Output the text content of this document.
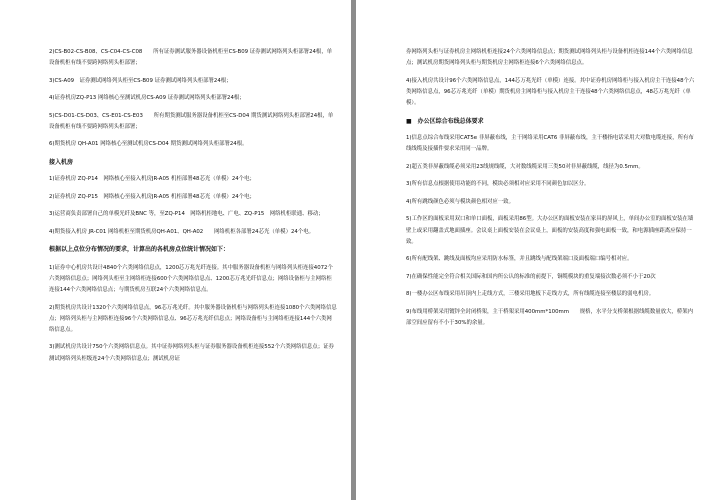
2)CS-B02-CS-B08、CS-C04-CS-C08　　所有证券测试服务器设备机柜至CS-B09 证券测试网络列头柜部署24根，单设备机柜有线不要跨网络列头柜部署；

3)CS-A09　证券测试网络列头柜至CS-B09 证券测试网络列头柜部署24根；

4)证券机房ZQ-P13 网络核心至测试机房CS-A09 证券测试网络列头柜部署24根；

5)CS-D01-CS-D03、CS-E01-CS-E03　　所有期货测试服务器设备机柜至CS-D04 期货测试网络列头柜部署24根，单设备机柜有线不要跨网络列头柜部署；

6)期货机房 QH-A01 网络核心至测试机房CS-D04 期货测试网络列头柜部署24根。

接入机房

1)证券机房 ZQ-P14　网络核心至接入机房JR-A05 机柜部署48芯光（单模）24个电；

2)证券机房 ZQ-P15　网络核心至接入机房JR-A05 机柜部署48芯光（单模）24个电；

3)运营商负责部署自己的单模光纤及BNC 等，至ZQ-P14　网络机柜地电、广电、ZQ-P15　网络机柜联通、移动；

4)期货接入机房 JR-C01 网络机柜至期货机房QH-A01、QH-A02　　网络机柜各部署24芯光（单模）24个电。

根据以上点位分布情况的要求，计算出的各机房点位统计情况如下：

1)证券中心机房共设计4840个六类网络信息点，1200芯万兆光纤连接。其中服务器设备机柜与网络列头柜连接4072个六类网络信息点；网络列头柜至主网络柜连接600个六类网络信息点、1200芯万兆光纤信息点；网络设备柜与主网络柜连接144个六类网络信息点；与期货机房互联24个六类网络信息点。

2)期货机房共设计1320个六类网络信息点，96芯万兆光纤。其中服务器设备机柜与网络列头柜连接1080个六类网络信息点；网络列头柜与主网络柜连接96个六类网络信息点、96芯万兆光纤信息点；网络设备柜与主网络柜连接144个六类网络信息点。

3)测试机房共设计750个六类网络信息点。其中证券网络列头柜与证券服务器设备机柜连接552个六类网络信息点；证券测试网络列头柜级连24个六类网络信息点；测试机房证

券网络列头柜与证券机房主网络机柜连接24个六类网络信息点；期货测试网络列头柜与设备机柜连接144个六类网络信息点；测试机房期货网络列头柜与期货机房主网络柜连接6个六类网络信息点。

4)接入机房共设计96个六类网络信息点，144芯万兆光纤（单模）连接。其中证券机房网络柜与接入机房主干连接48个六类网络信息点，96芯万兆光纤（单模）期货机房主网络柜与接入机房主干连接48个六类网络信息点，48芯万兆光纤（单模）。

■ 办公区综合布线总体要求

1)信息点综合布线采用CAT5e 非屏蔽布线，主干网络采用CAT6 非屏蔽布线，主干楼指电话采用大对数电缆连接，所有布线线缆及接插件要求采用同一品牌。

2)超五类非屏蔽线缆必须采用23线规线缆，大对数线缆采用三类50对非屏蔽线缆，线径为0.5mm。

3)所有信息点根据使用功能的不同，模块必须相对应采用不同颜色加以区分。

4)所有跳线颜色必须与模块颜色相对应一致。

5)工作区的面板采用双口和单口面板，面板采用86型。大办公区的面板安装在家具的屏风上，单间办公室的面板安装在墙壁上或采用翻盖式地面插座。会议桌上面板安装在会议桌上，面板的安装高度和强电面板一致，和电源插座距离应保持一致。

6)所有配线架、跳线及面板均应采用防水标签，并且跳线与配线架端口及面板端口编号相对应。

7)在确保性能完全符合相关国际和国内所公认的标准的前提下，铜缆模块的重复端接次数必须不小于20次

8)一楼办公区布线采用吊顶内上走线方式，三楼采用地板下走线方式，所有线缆连接至楼层的弱电机房。

9)布线用桥架采用镀锌全封闭桥架，主干桥架采用400mm*100mm　　规格，水平分支桥架根据线缆数量放大，桥架内部空间应留有不小于30%的余量。
